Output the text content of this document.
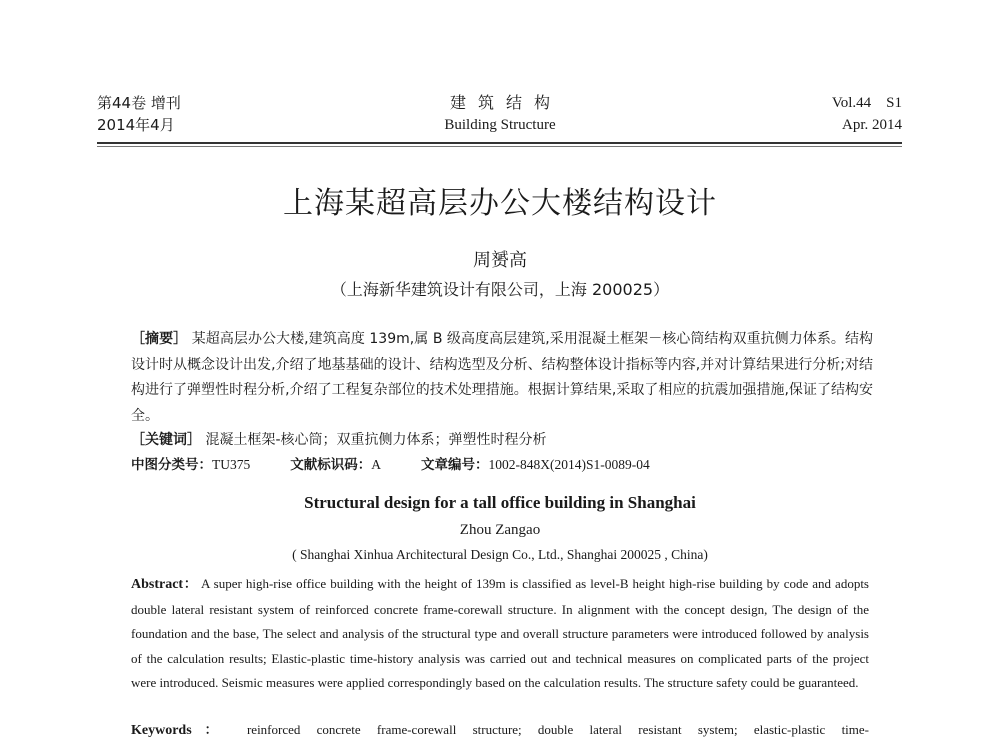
第44卷 增刊
2014年4月
建筑结构
Building Structure
Vol.44    S1
Apr. 2014
上海某超高层办公大楼结构设计
周赟高
（上海新华建筑设计有限公司，上海 200025）
［摘要］ 某超高层办公大楼,建筑高度 139m,属 B 级高度高层建筑,采用混凝土框架－核心筒结构双重抗侧力体系。结构设计时从概念设计出发,介绍了地基基础的设计、结构选型及分析、结构整体设计指标等内容,并对计算结果进行分析;对结构进行了弹塑性时程分析,介绍了工程复杂部位的技术处理措施。根据计算结果,采取了相应的抗震加强措施,保证了结构安全。
［关键词］ 混凝土框架-核心筒；双重抗侧力体系；弹塑性时程分析
中图分类号：TU375	文献标识码：A	文章编号：1002-848X(2014)S1-0089-04
Structural design for a tall office building in Shanghai
Zhou Zangao
( Shanghai Xinhua Architectural Design Co., Ltd., Shanghai 200025 , China)
Abstract： A super high-rise office building with the height of 139m is classified as level-B height high-rise building by code and adopts double lateral resistant system of reinforced concrete frame-corewall structure. In alignment with the concept design, The design of the foundation and the base, The select and analysis of the structural type and overall structure parameters were introduced followed by analysis of the calculation results; Elastic-plastic time-history analysis was carried out and technical measures on complicated parts of the project were introduced. Seismic measures were applied correspondingly based on the calculation results. The structure safety could be guaranteed.
Keywords： reinforced concrete frame-corewall structure; double lateral resistant system; elastic-plastic time-
